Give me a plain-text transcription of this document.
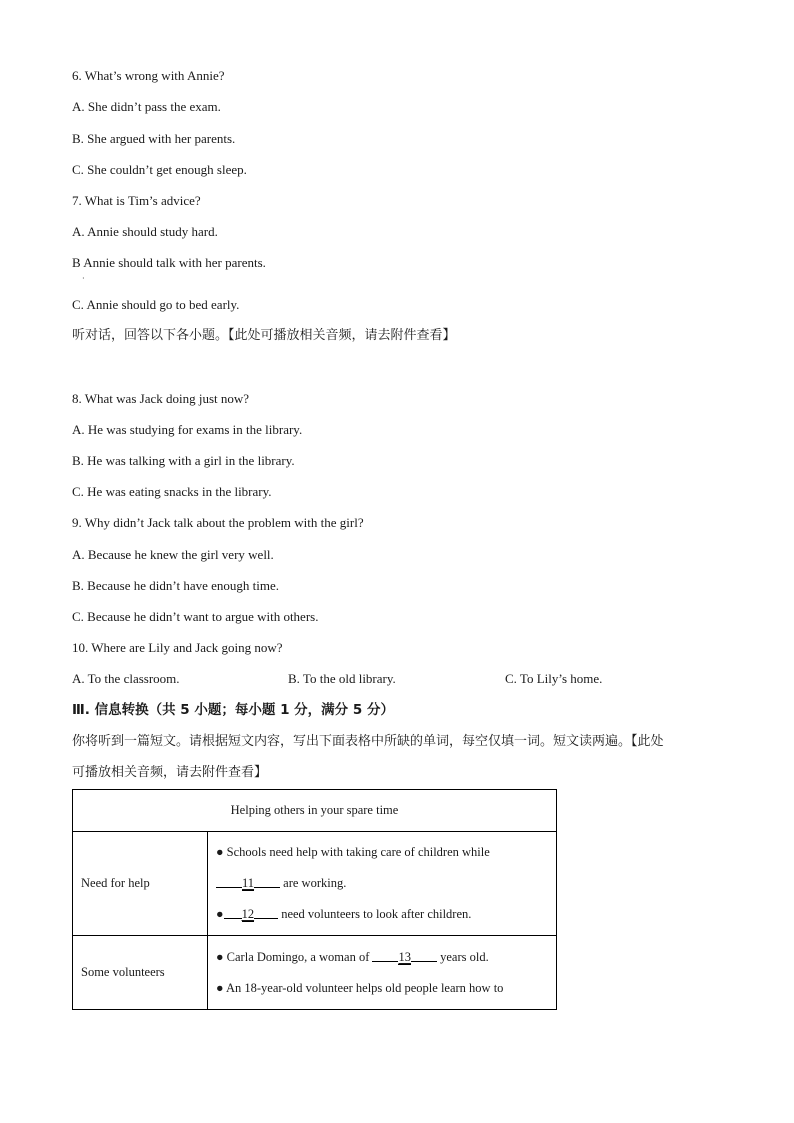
6. What’s wrong with Annie?
A. She didn’t pass the exam.
B. She argued with her parents.
C. She couldn’t get enough sleep.
7. What is Tim’s advice?
A. Annie should study hard.
B Annie should talk with her parents.
·
C. Annie should go to bed early.
听对话，回答以下各小题。【此处可播放相关音频，请去附件查看】
8. What was Jack doing just now?
A. He was studying for exams in the library.
B. He was talking with a girl in the library.
C. He was eating snacks in the library.
9. Why didn’t Jack talk about the problem with the girl?
A. Because he knew the girl very well.
B. Because he didn’t have enough time.
C. Because he didn’t want to argue with others.
10. Where are Lily and Jack going now?
A. To the classroom.	B. To the old library.	C. To Lily’s home.
Ⅲ. 信息转换（共 5 小题；每小题 1 分，满分 5 分）
你将听到一篇短文。请根据短文内容，写出下面表格中所缺的单词，每空仅填一词。短文读两遍。【此处
可播放相关音频，请去附件查看】
Helping others in your spare time	
Need for help	● Schools need help with taking care of children while
11 are working.
● 12 need volunteers to look after children.

Some volunteers	● Carla Domingo, a woman of 13 years old.
● An 18-year-old volunteer helps old people learn how to
